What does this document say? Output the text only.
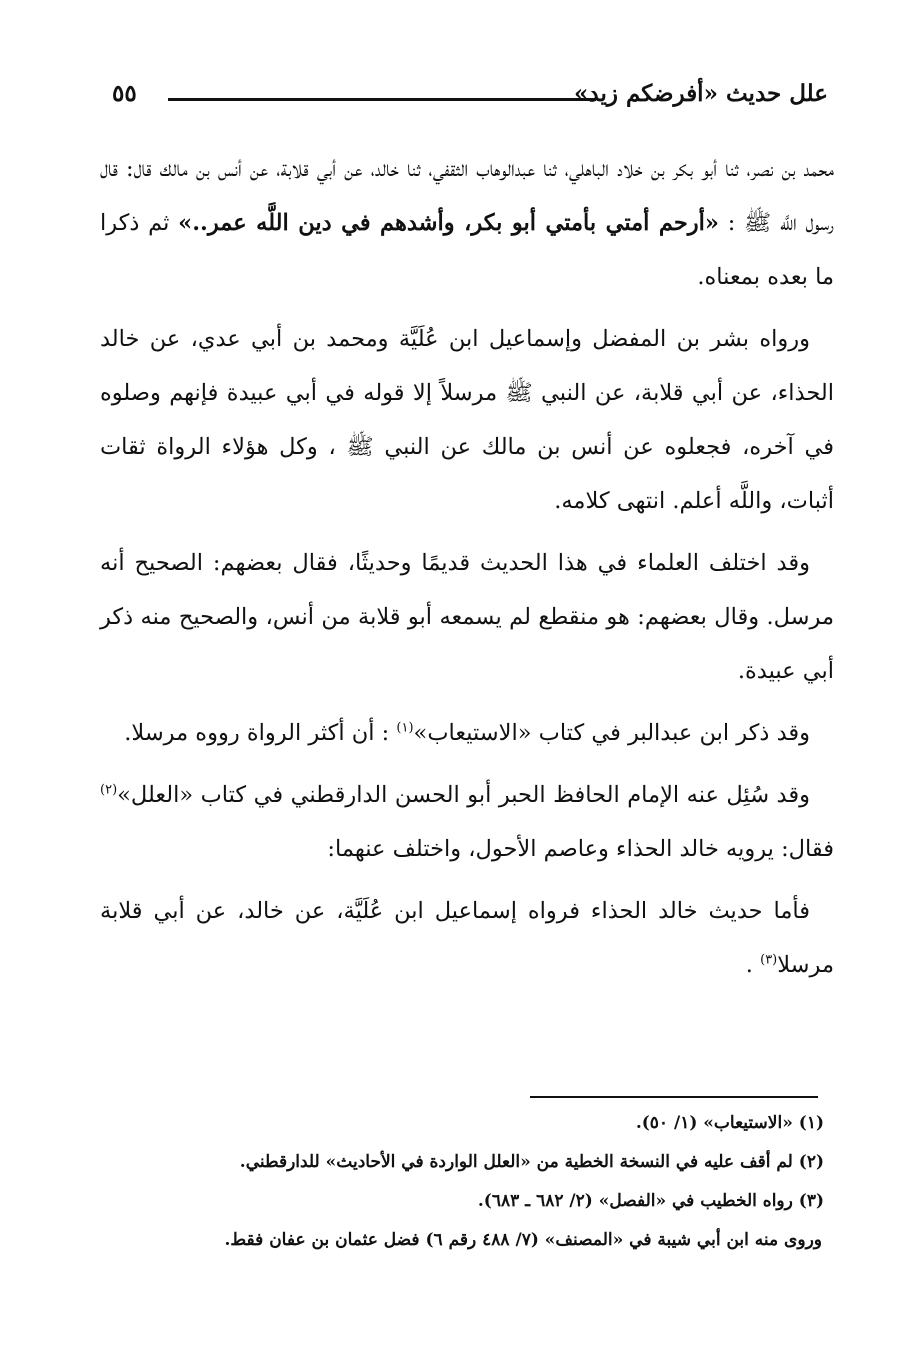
علل حديث «أفرضكم زيد»
٥٥

محمد بن نصر، ثنا أبو بكر بن خلاد الباهلي، ثنا عبدالوهاب الثقفي، ثنا خالد، عن أبي قلابة، عن أنس بن مالك قال: قال رسول اللَّه ﷺ : «أرحم أمتي بأمتي أبو بكر، وأشدهم في دين اللَّه عمر..» ثم ذكرا ما بعده بمعناه.

ورواه بشر بن المفضل وإسماعيل ابن عُلَيَّة ومحمد بن أبي عدي، عن خالد الحذاء، عن أبي قلابة، عن النبي ﷺ مرسلاً إلا قوله في أبي عبيدة فإنهم وصلوه في آخره، فجعلوه عن أنس بن مالك عن النبي ﷺ ، وكل هؤلاء الرواة ثقات أثبات، واللَّه أعلم. انتهى كلامه.

وقد اختلف العلماء في هذا الحديث قديمًا وحديثًا، فقال بعضهم: الصحيح أنه مرسل. وقال بعضهم: هو منقطع لم يسمعه أبو قلابة من أنس، والصحيح منه ذكر أبي عبيدة.

وقد ذكر ابن عبدالبر في كتاب «الاستيعاب»$^{(١)}$ : أن أكثر الرواة رووه مرسلا.

وقد سُئِل عنه الإمام الحافظ الحبر أبو الحسن الدارقطني في كتاب «العلل»$^{(٢)}$ فقال: يرويه خالد الحذاء وعاصم الأحول، واختلف عنهما:

فأما حديث خالد الحذاء فرواه إسماعيل ابن عُلَيَّة، عن خالد، عن أبي قلابة مرسلا$^{(٣)}$ .

(١) «الاستيعاب» (١/ ٥٠).

(٢) لم أقف عليه في النسخة الخطية من «العلل الواردة في الأحاديث» للدارقطني.

(٣) رواه الخطيب في «الفصل» (٢/ ٦٨٢ ـ ٦٨٣).

وروى منه ابن أبي شيبة في «المصنف» (٧/ ٤٨٨ رقم ٦) فضل عثمان بن عفان فقط.
